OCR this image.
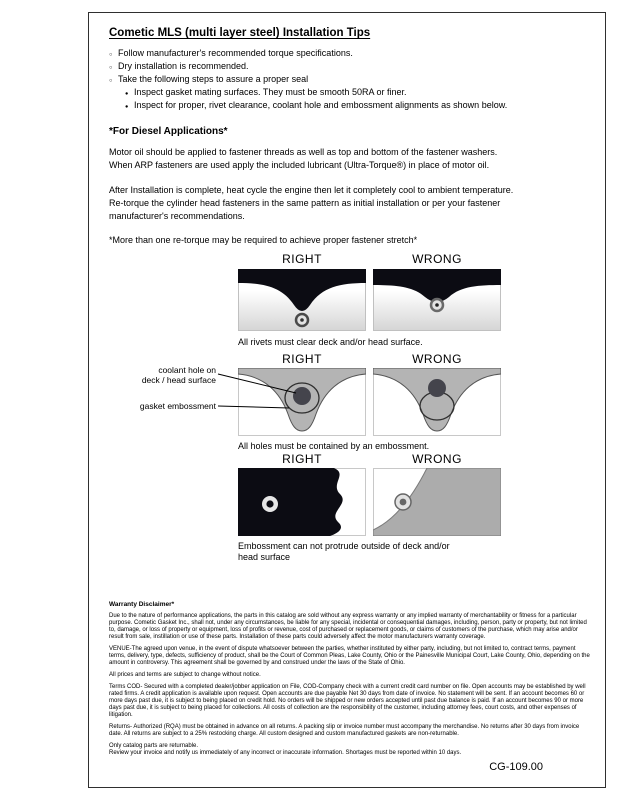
Cometic MLS (multi layer steel) Installation Tips
○ Follow manufacturer's recommended torque specifications.
○ Dry installation is recommended.
○ Take the following steps to assure a proper seal
● Inspect gasket mating surfaces. They must be smooth 50RA or finer.
● Inspect for proper, rivet clearance, coolant hole and embossment alignments as shown below.
*For Diesel Applications*

Motor oil should be applied to fastener threads as well as top and bottom of the fastener washers. When ARP fasteners are used apply the included lubricant (Ultra-Torque®) in place of motor oil.

After Installation is complete, heat cycle the engine then let it completely cool to ambient temperature. Re-torque the cylinder head fasteners in the same pattern as initial installation or per your fastener manufacturer's recommendations.

*More than one re-torque may be required to achieve proper fastener stretch*

RIGHT	WRONG
All rivets must clear deck and/or head surface.
RIGHT	WRONG
coolant hole on
deck / head surface
gasket embossment
All holes must be contained by an embossment.
RIGHT	WRONG
Embossment can not protrude outside of deck and/or head surface
Warranty Disclaimer*

Due to the nature of performance applications, the parts in this catalog are sold without any express warranty or any implied warranty of merchantability or fitness for a particular purpose. Cometic Gasket Inc., shall not, under any circumstances, be liable for any special, incidental or consequential damages, including, person, party or property, but not limited to, damage, or loss of property or equipment, loss of profits or revenue, cost of purchased or replacement goods, or claims of customers of the purchase, which may arise and/or result from sale, instillation or use of these parts. Installation of these parts could adversely affect the motor manufacturers warranty coverage.

VENUE-The agreed upon venue, in the event of dispute whatsoever between the parties, whether instituted by either party, including, but not limited to, contract terms, payment terms, delivery, type, defects, sufficiency of product, shall be the Court of Common Pleas, Lake County, Ohio or the Painesville Municipal Court, Lake County, Ohio, depending on the amount in controversy. This agreement shall be governed by and construed under the laws of the State of Ohio.

All prices and terms are subject to change without notice.

Terms COD- Secured with a completed dealer/jobber application on File, COD-Company check with a current credit card number on file. Open accounts may be established by well rated firms. A credit application is available upon request. Open accounts are due payable Net 30 days from date of invoice. No statement will be sent. If an account becomes 60 or more days past due, it is subject to being placed on credit hold. No orders will be shipped or new orders accepted until past due balance is paid. If an account becomes 90 or more days past due, it is subject to being placed for collections. All costs of collection are the responsibility of the customer, including attorney fees, court costs, and other expenses of litigation.

Returns- Authorized (RQA) must be obtained in advance on all returns. A packing slip or invoice number must accompany the merchandise. No returns after 30 days from invoice date. All returns are subject to a 25% restocking charge. All custom designed and custom manufactured gaskets are non-returnable.

Only catalog parts are returnable.

Review your invoice and notify us immediately of any incorrect or inaccurate information. Shortages must be reported within 10 days.

CG-109.00
